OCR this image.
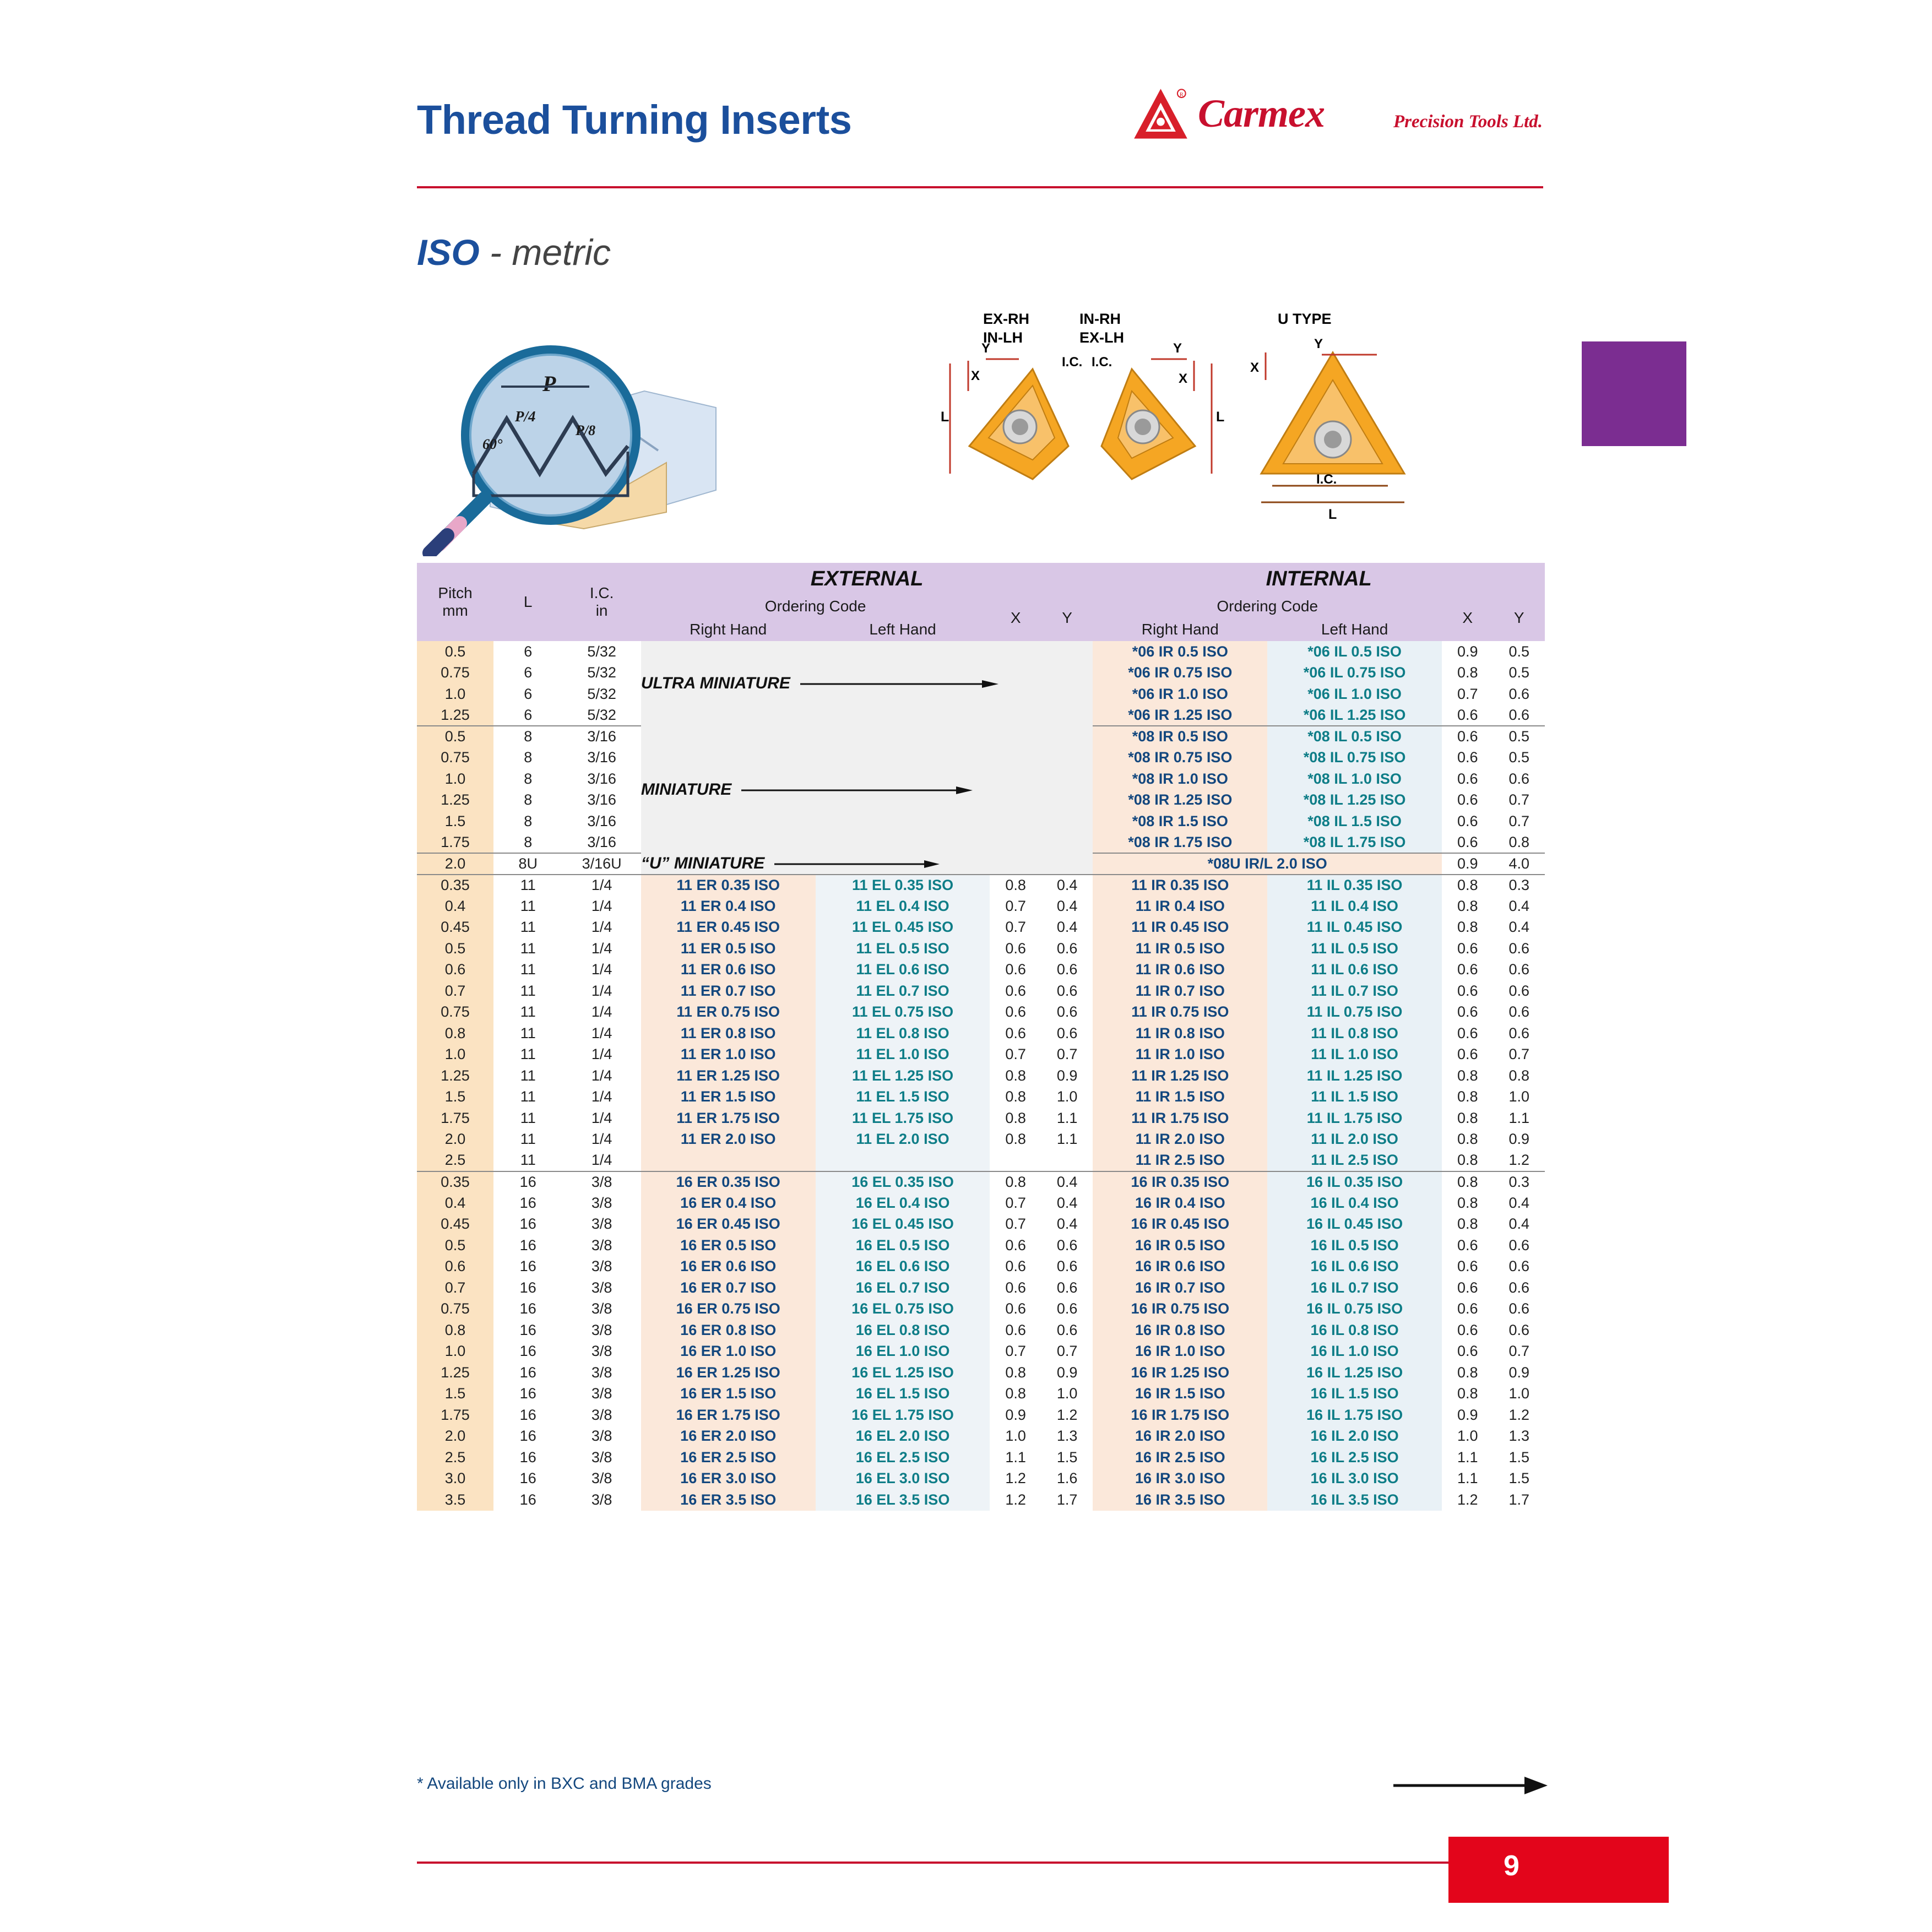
Thread Turning Inserts
R Carmex	Precision Tools Ltd.
ISO - metric
P
P/4
P/8
60°
EX-RH
IN-LH
IN-RH
EX-LH
U TYPE
L
X
Y
I.C.
L
X
Y
I.C.	X
Y
I.C.
L
Pitch
mm
	L	
I.C.
in
	EXTERNAL	INTERNAL
			Ordering Code		X	Y	Ordering Code		X	Y
			Right Hand	Left Hand			Right Hand	Left Hand		
0.5	6	5/32	ULTRA MINIATURE				*06 IR 0.5 ISO	*06 IL 0.5 ISO	0.9	0.5
0.75	6	5/32					*06 IR 0.75 ISO	*06 IL 0.75 ISO	0.8	0.5
1.0	6	5/32					*06 IR 1.0 ISO	*06 IL 1.0 ISO	0.7	0.6
1.25	6	5/32					*06 IR 1.25 ISO	*06 IL 1.25 ISO	0.6	0.6
0.5	8	3/16	MINIATURE				*08 IR 0.5 ISO	*08 IL 0.5 ISO	0.6	0.5
0.75	8	3/16					*08 IR 0.75 ISO	*08 IL 0.75 ISO	0.6	0.5
1.0	8	3/16					*08 IR 1.0 ISO	*08 IL 1.0 ISO	0.6	0.6
1.25	8	3/16					*08 IR 1.25 ISO	*08 IL 1.25 ISO	0.6	0.7
1.5	8	3/16					*08 IR 1.5 ISO	*08 IL 1.5 ISO	0.6	0.7
1.75	8	3/16					*08 IR 1.75 ISO	*08 IL 1.75 ISO	0.6	0.8
2.0	8U	3/16U	“U” MINIATURE				*08U IR/L 2.0 ISO		0.9	4.0
0.35	11	1/4	11 ER 0.35 ISO	11 EL 0.35 ISO	0.8	0.4	11 IR 0.35 ISO	11 IL 0.35 ISO	0.8	0.3
0.4	11	1/4	11 ER 0.4 ISO	11 EL 0.4 ISO	0.7	0.4	11 IR 0.4 ISO	11 IL 0.4 ISO	0.8	0.4
0.45	11	1/4	11 ER 0.45 ISO	11 EL 0.45 ISO	0.7	0.4	11 IR 0.45 ISO	11 IL 0.45 ISO	0.8	0.4
0.5	11	1/4	11 ER 0.5 ISO	11 EL 0.5 ISO	0.6	0.6	11 IR 0.5 ISO	11 IL 0.5 ISO	0.6	0.6
0.6	11	1/4	11 ER 0.6 ISO	11 EL 0.6 ISO	0.6	0.6	11 IR 0.6 ISO	11 IL 0.6 ISO	0.6	0.6
0.7	11	1/4	11 ER 0.7 ISO	11 EL 0.7 ISO	0.6	0.6	11 IR 0.7 ISO	11 IL 0.7 ISO	0.6	0.6
0.75	11	1/4	11 ER 0.75 ISO	11 EL 0.75 ISO	0.6	0.6	11 IR 0.75 ISO	11 IL 0.75 ISO	0.6	0.6
0.8	11	1/4	11 ER 0.8 ISO	11 EL 0.8 ISO	0.6	0.6	11 IR 0.8 ISO	11 IL 0.8 ISO	0.6	0.6
1.0	11	1/4	11 ER 1.0 ISO	11 EL 1.0 ISO	0.7	0.7	11 IR 1.0 ISO	11 IL 1.0 ISO	0.6	0.7
1.25	11	1/4	11 ER 1.25 ISO	11 EL 1.25 ISO	0.8	0.9	11 IR 1.25 ISO	11 IL 1.25 ISO	0.8	0.8
1.5	11	1/4	11 ER 1.5 ISO	11 EL 1.5 ISO	0.8	1.0	11 IR 1.5 ISO	11 IL 1.5 ISO	0.8	1.0
1.75	11	1/4	11 ER 1.75 ISO	11 EL 1.75 ISO	0.8	1.1	11 IR 1.75 ISO	11 IL 1.75 ISO	0.8	1.1
2.0	11	1/4	11 ER 2.0 ISO	11 EL 2.0 ISO	0.8	1.1	11 IR 2.0 ISO	11 IL 2.0 ISO	0.8	0.9
2.5	11	1/4					11 IR 2.5 ISO	11 IL 2.5 ISO	0.8	1.2
0.35	16	3/8	16 ER 0.35 ISO	16 EL 0.35 ISO	0.8	0.4	16 IR 0.35 ISO	16 IL 0.35 ISO	0.8	0.3
0.4	16	3/8	16 ER 0.4 ISO	16 EL 0.4 ISO	0.7	0.4	16 IR 0.4 ISO	16 IL 0.4 ISO	0.8	0.4
0.45	16	3/8	16 ER 0.45 ISO	16 EL 0.45 ISO	0.7	0.4	16 IR 0.45 ISO	16 IL 0.45 ISO	0.8	0.4
0.5	16	3/8	16 ER 0.5 ISO	16 EL 0.5 ISO	0.6	0.6	16 IR 0.5 ISO	16 IL 0.5 ISO	0.6	0.6
0.6	16	3/8	16 ER 0.6 ISO	16 EL 0.6 ISO	0.6	0.6	16 IR 0.6 ISO	16 IL 0.6 ISO	0.6	0.6
0.7	16	3/8	16 ER 0.7 ISO	16 EL 0.7 ISO	0.6	0.6	16 IR 0.7 ISO	16 IL 0.7 ISO	0.6	0.6
0.75	16	3/8	16 ER 0.75 ISO	16 EL 0.75 ISO	0.6	0.6	16 IR 0.75 ISO	16 IL 0.75 ISO	0.6	0.6
0.8	16	3/8	16 ER 0.8 ISO	16 EL 0.8 ISO	0.6	0.6	16 IR 0.8 ISO	16 IL 0.8 ISO	0.6	0.6
1.0	16	3/8	16 ER 1.0 ISO	16 EL 1.0 ISO	0.7	0.7	16 IR 1.0 ISO	16 IL 1.0 ISO	0.6	0.7
1.25	16	3/8	16 ER 1.25 ISO	16 EL 1.25 ISO	0.8	0.9	16 IR 1.25 ISO	16 IL 1.25 ISO	0.8	0.9
1.5	16	3/8	16 ER 1.5 ISO	16 EL 1.5 ISO	0.8	1.0	16 IR 1.5 ISO	16 IL 1.5 ISO	0.8	1.0
1.75	16	3/8	16 ER 1.75 ISO	16 EL 1.75 ISO	0.9	1.2	16 IR 1.75 ISO	16 IL 1.75 ISO	0.9	1.2
2.0	16	3/8	16 ER 2.0 ISO	16 EL 2.0 ISO	1.0	1.3	16 IR 2.0 ISO	16 IL 2.0 ISO	1.0	1.3
2.5	16	3/8	16 ER 2.5 ISO	16 EL 2.5 ISO	1.1	1.5	16 IR 2.5 ISO	16 IL 2.5 ISO	1.1	1.5
3.0	16	3/8	16 ER 3.0 ISO	16 EL 3.0 ISO	1.2	1.6	16 IR 3.0 ISO	16 IL 3.0 ISO	1.1	1.5
3.5	16	3/8	16 ER 3.5 ISO	16 EL 3.5 ISO	1.2	1.7	16 IR 3.5 ISO	16 IL 3.5 ISO	1.2	1.7
* Available only in BXC and BMA grades
9
